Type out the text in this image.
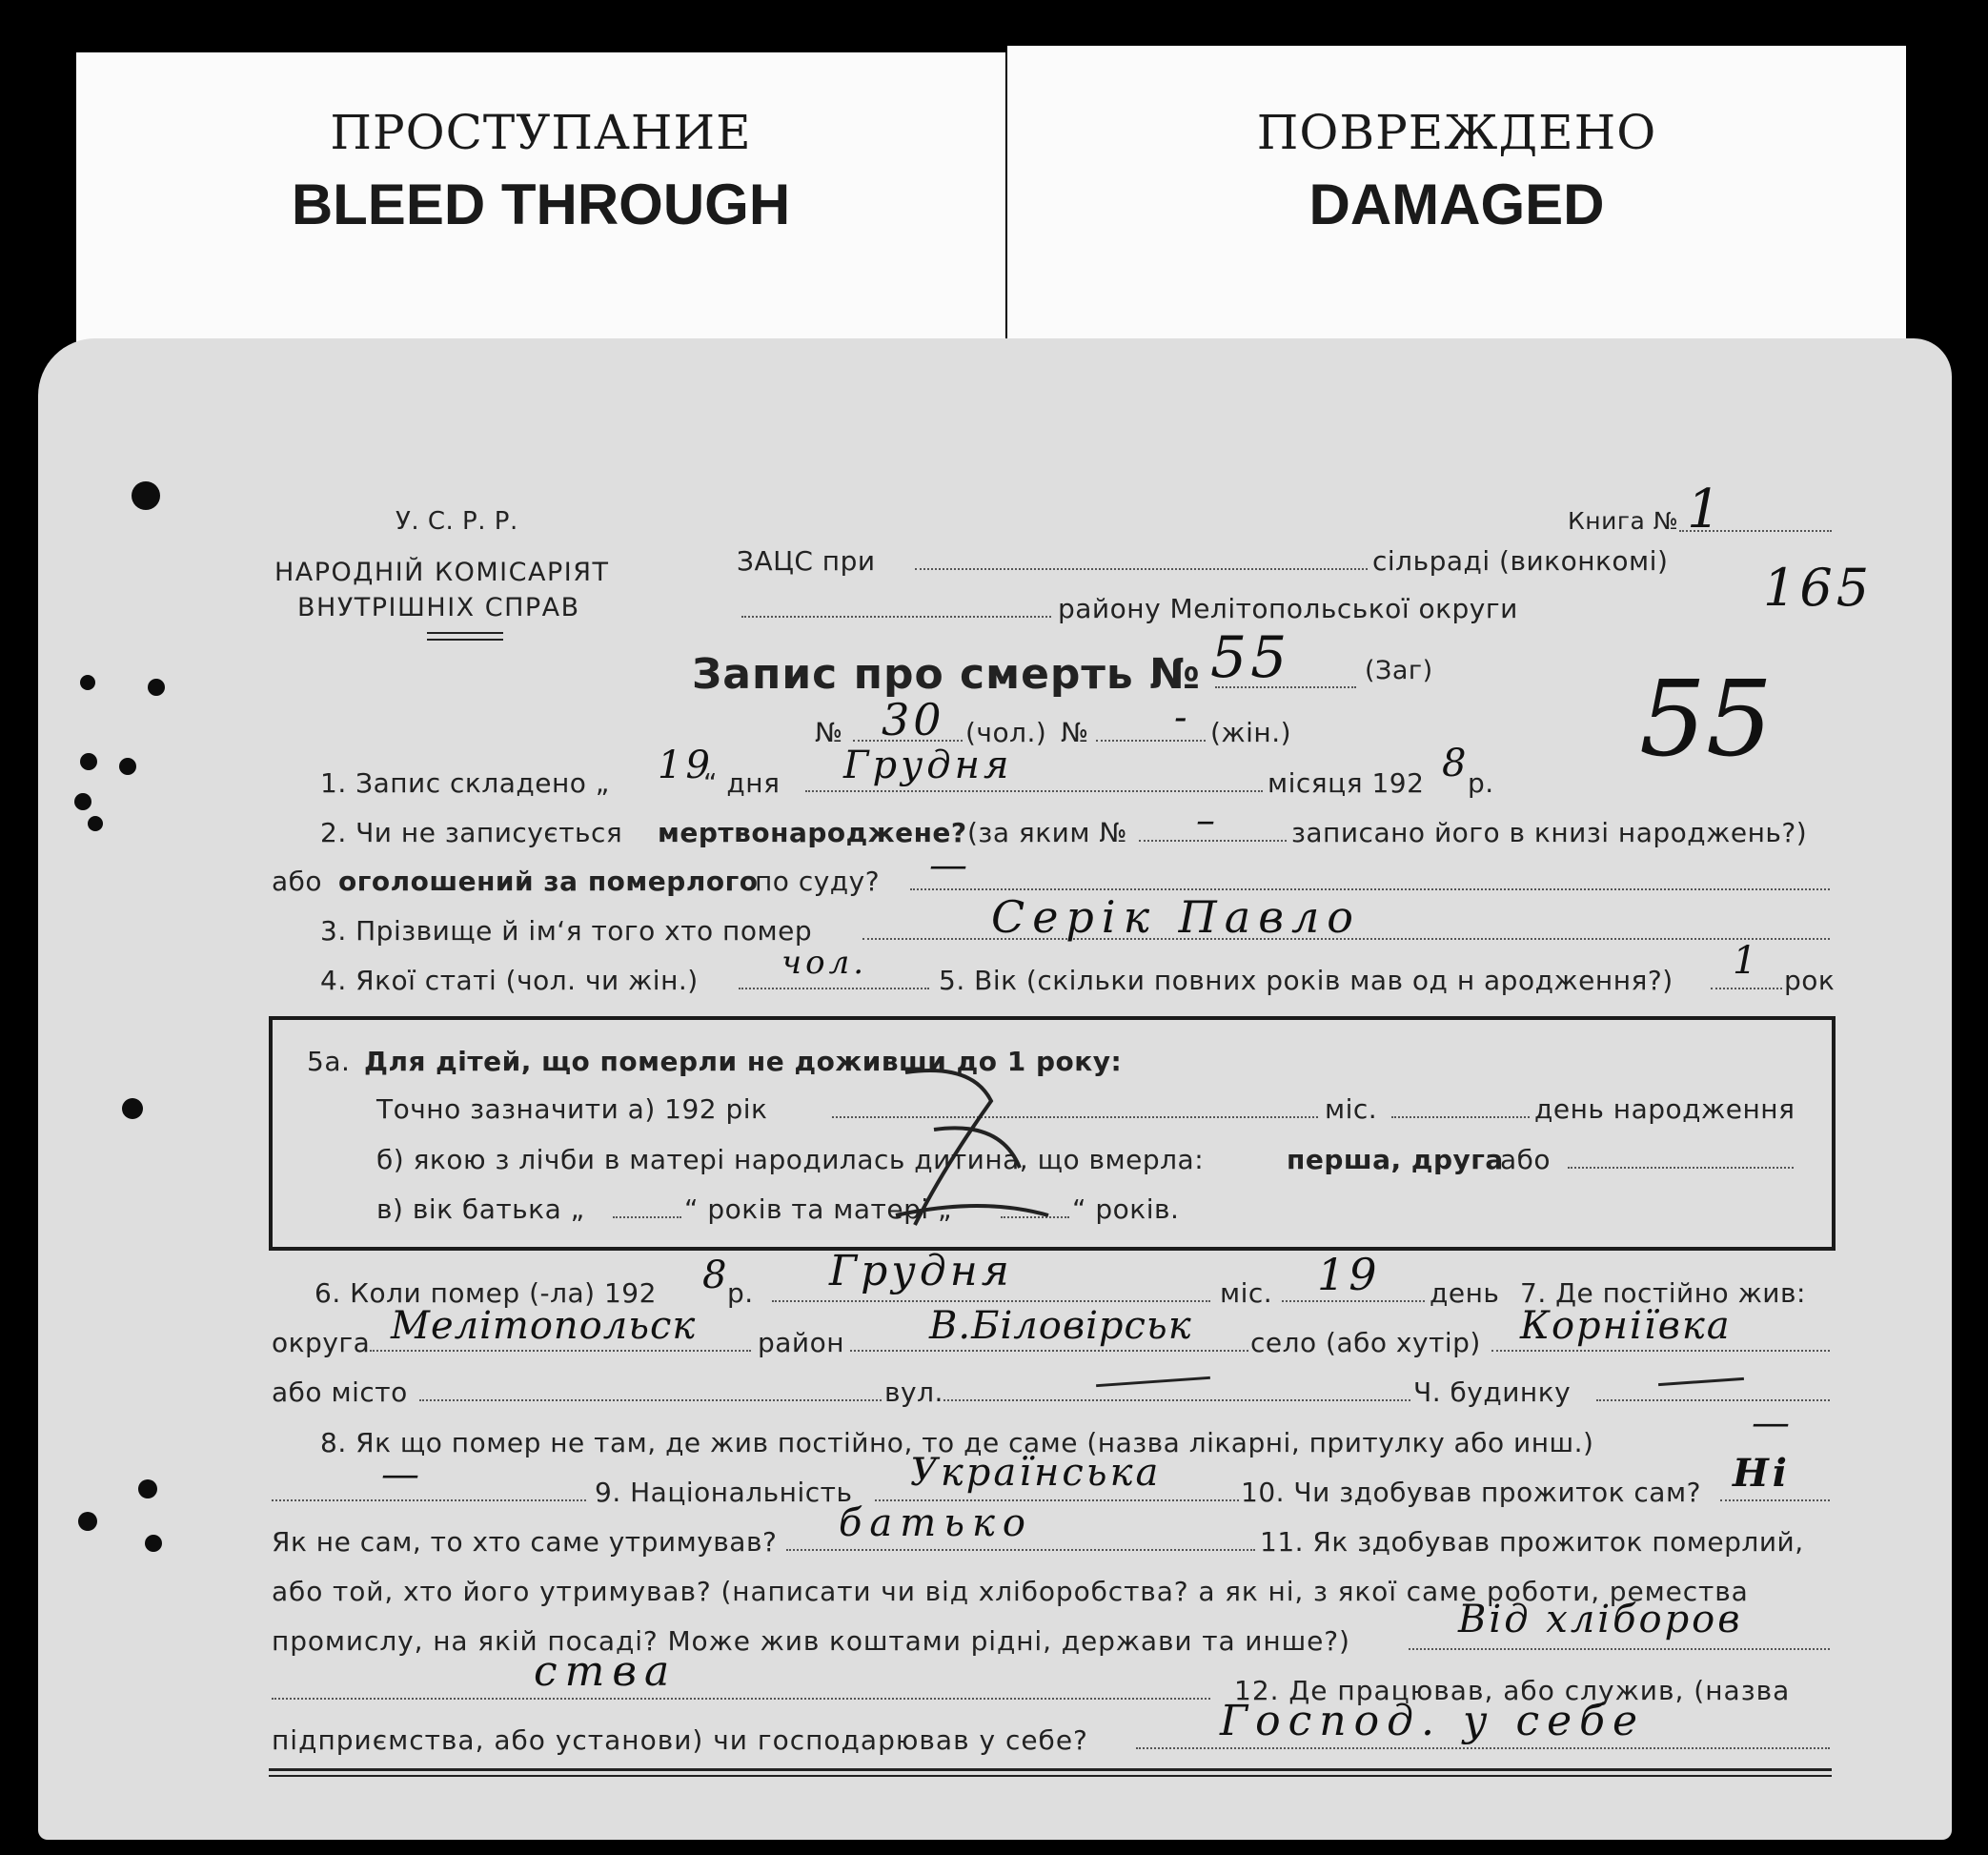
ПРОСТУПАНИЕ
BLEED THROUGH
ПОВРЕЖДЕНО
DAMAGED
У. С. Р. Р.
НАРОДНІЙ КОМІСАРІЯТ
ВНУТРІШНІХ СПРАВ
ЗАЦС при	сільраді (виконкомі)
району Мелітопольської округи
Книга № 1
165
55
Запис про смерть № 55	(Заг)
№ 30 (чол.) № - (жін.)
1. Запис складено „ 19
“ дня Грудня	місяця 192 8
р.
2. Чи не записується мертвонароджене? (за яким № –	записано його в книзі народжень?)
або оголошений за померлого
по суду? —
3. Прізвище й ім‘я того хто помер	Серік Павло
4. Якої статі (чол. чи жін.)	чол.	5. Вік (скільки повних років мав од н ародження?) 1 рок
5а. Для дітей, що померли не доживши до 1 року:
Точно зазначити а) 192 рік	міс.	день народження
б) якою з лічби в матері народилась дитина, що вмерла:	перша, друга
або
в) вік батька „	“ років та матері „	“ років.
6. Коли помер (-ла) 192 8
р. Грудня	міс. 19 день 7. Де постійно жив:
округа Мелітопольск район В.Біловірськ село (або хутір) Корніївка
або місто	вул.	Ч. будинку
8. Як що помер не там, де жив постійно, то де саме (назва лікарні, притулку або инш.)	—
—	9. Національність Українська	10. Чи здобував прожиток сам? Ні
Як не сам, то хто саме утримував? батько	11. Як здобував прожиток померлий,
або той, хто його утримував? (написати чи від хліборобства? а як ні, з якої саме роботи, ремества
промислу, на якій посаді? Може жив коштами рідні, держави та инше?)	Від хліборов
ства	12. Де працював, або служив, (назва
підприємства, або установи) чи господарював у себе?	Господ. у себе
